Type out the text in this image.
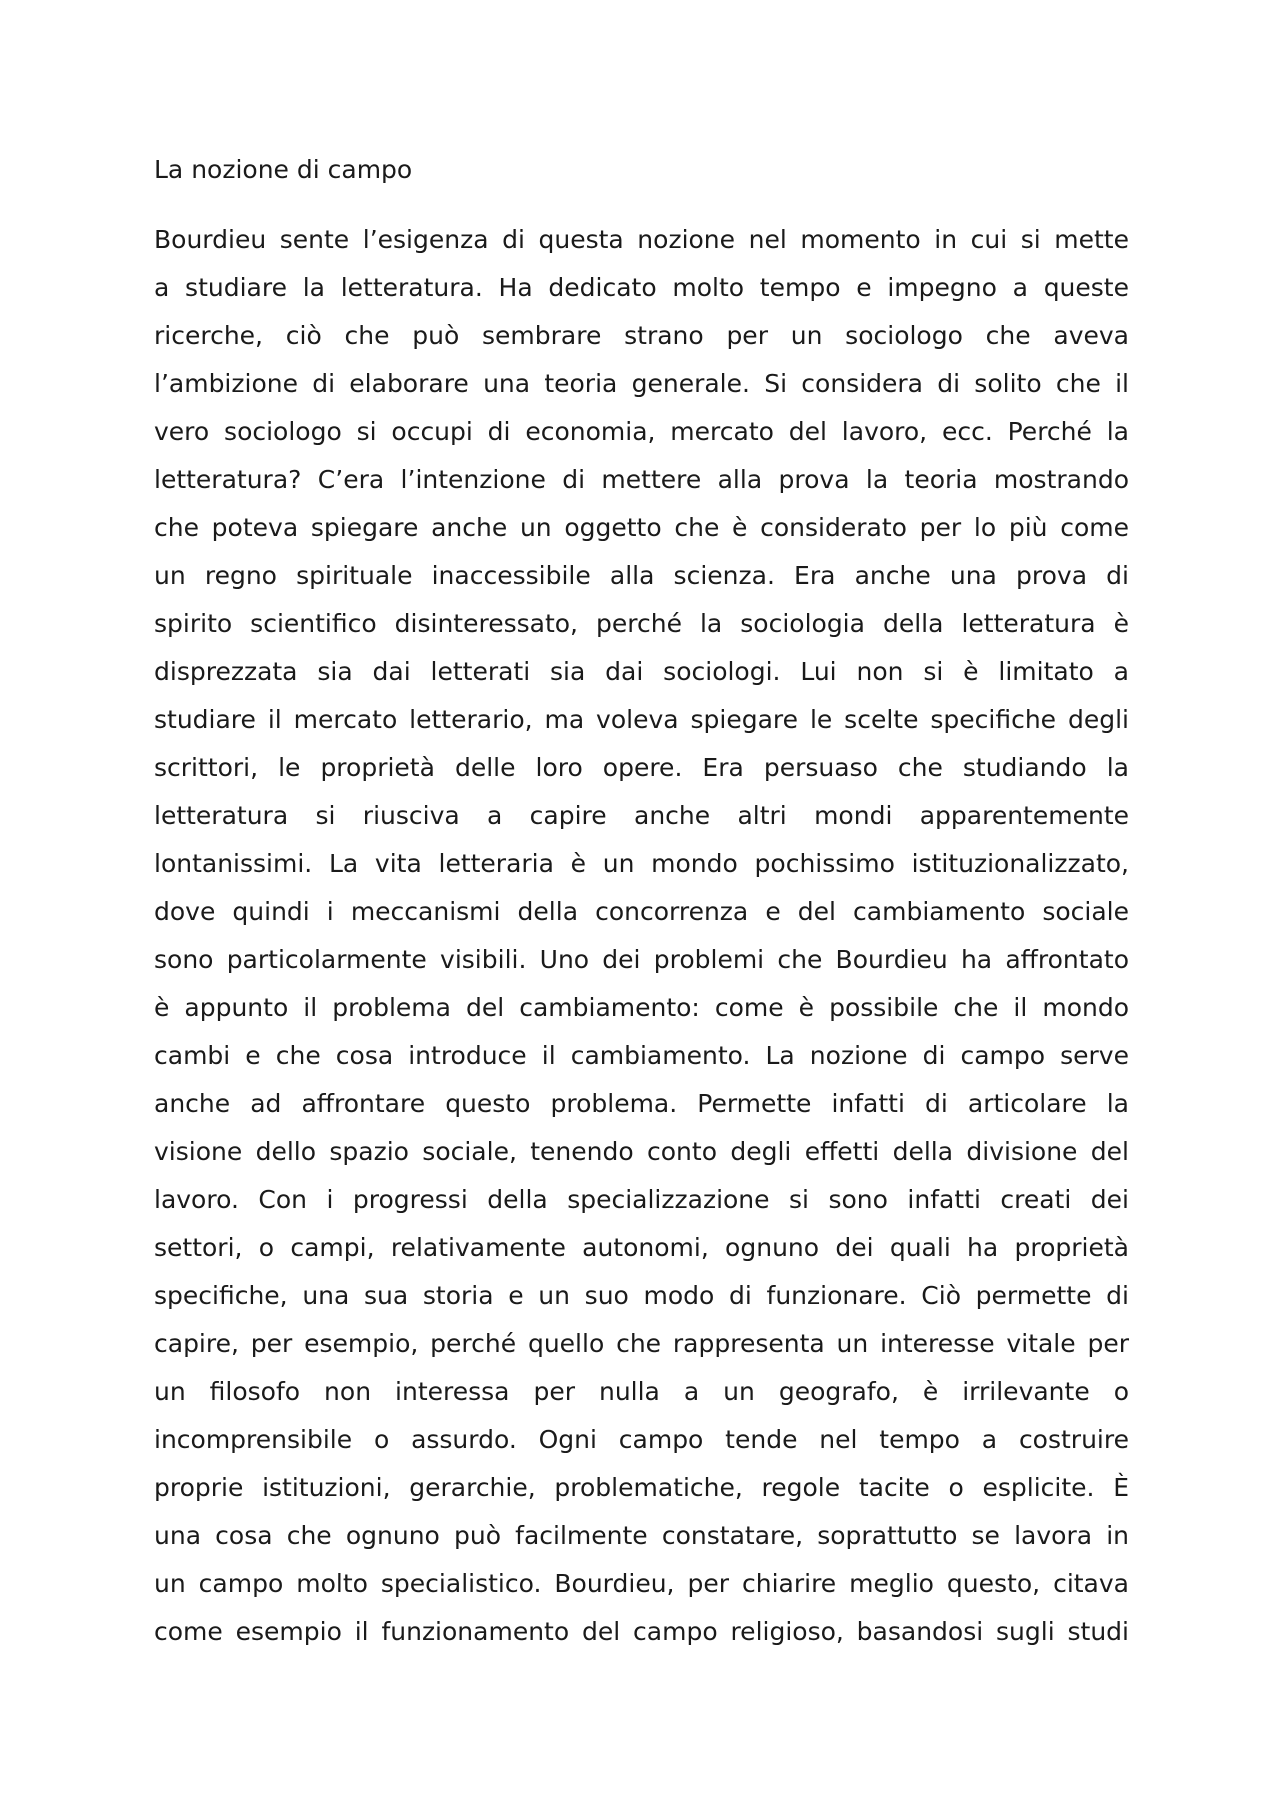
La nozione di campo
Bourdieu sente l’esigenza di questa nozione nel momento in cui si mette
a studiare la letteratura. Ha dedicato molto tempo e impegno a queste
ricerche, ciò che può sembrare strano per un sociologo che aveva
l’ambizione di elaborare una teoria generale. Si considera di solito che il
vero sociologo si occupi di economia, mercato del lavoro, ecc. Perché la
letteratura? C’era l’intenzione di mettere alla prova la teoria mostrando
che poteva spiegare anche un oggetto che è considerato per lo più come
un regno spirituale inaccessibile alla scienza. Era anche una prova di
spirito scientifico disinteressato, perché la sociologia della letteratura è
disprezzata sia dai letterati sia dai sociologi. Lui non si è limitato a
studiare il mercato letterario, ma voleva spiegare le scelte specifiche degli
scrittori, le proprietà delle loro opere. Era persuaso che studiando la
letteratura si riusciva a capire anche altri mondi apparentemente
lontanissimi. La vita letteraria è un mondo pochissimo istituzionalizzato,
dove quindi i meccanismi della concorrenza e del cambiamento sociale
sono particolarmente visibili. Uno dei problemi che Bourdieu ha affrontato
è appunto il problema del cambiamento: come è possibile che il mondo
cambi e che cosa introduce il cambiamento. La nozione di campo serve
anche ad affrontare questo problema. Permette infatti di articolare la
visione dello spazio sociale, tenendo conto degli effetti della divisione del
lavoro. Con i progressi della specializzazione si sono infatti creati dei
settori, o campi, relativamente autonomi, ognuno dei quali ha proprietà
specifiche, una sua storia e un suo modo di funzionare. Ciò permette di
capire, per esempio, perché quello che rappresenta un interesse vitale per
un filosofo non interessa per nulla a un geografo, è irrilevante o
incomprensibile o assurdo. Ogni campo tende nel tempo a costruire
proprie istituzioni, gerarchie, problematiche, regole tacite o esplicite. È
una cosa che ognuno può facilmente constatare, soprattutto se lavora in
un campo molto specialistico. Bourdieu, per chiarire meglio questo, citava
come esempio il funzionamento del campo religioso, basandosi sugli studi
